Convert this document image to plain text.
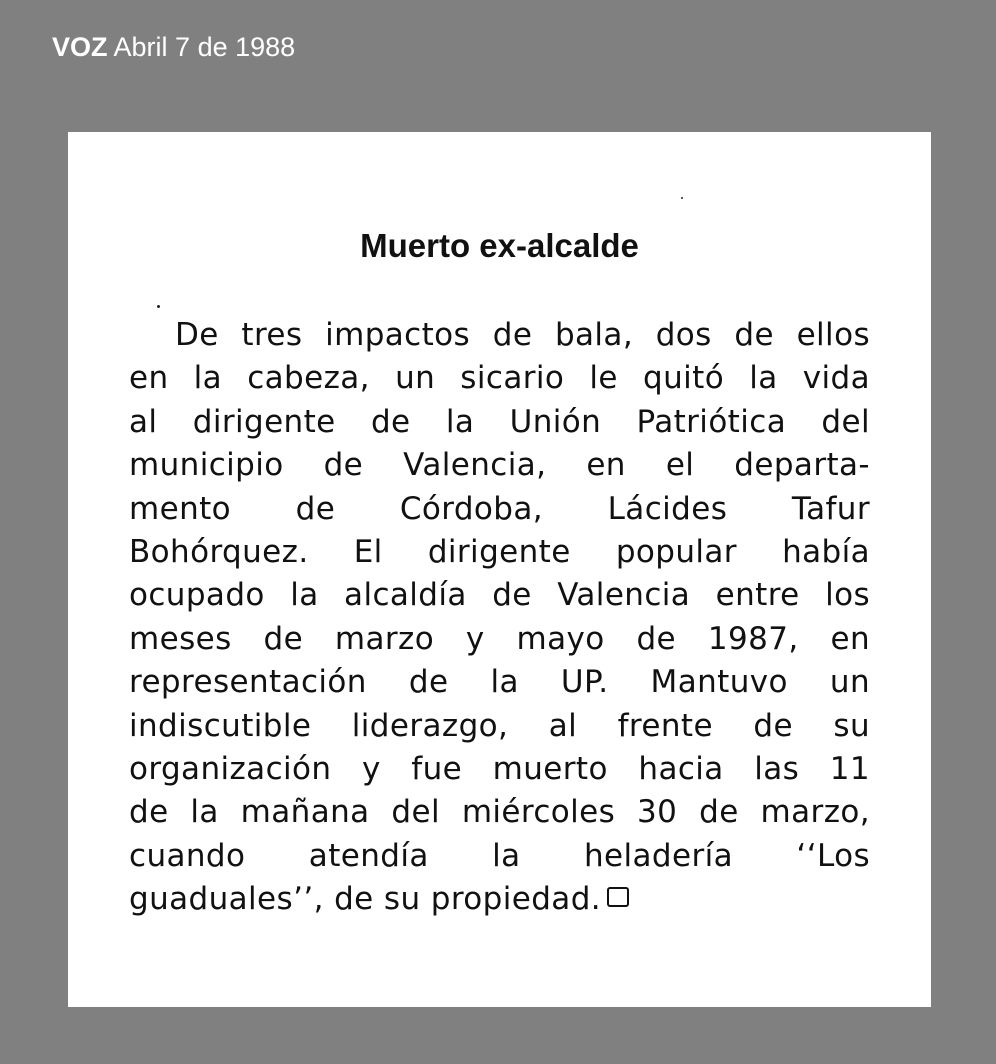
VOZ Abril 7 de 1988
Muerto ex-alcalde
De tres impactos de bala, dos de ellos
en la cabeza, un sicario le quitó la vida
al dirigente de la Unión Patriótica del
municipio de Valencia, en el departa-
mento de Córdoba, Lácides Tafur
Bohórquez. El dirigente popular había
ocupado la alcaldía de Valencia entre los
meses de marzo y mayo de 1987, en
representación de la UP. Mantuvo un
indiscutible liderazgo, al frente de su
organización y fue muerto hacia las 11
de la mañana del miércoles 30 de marzo,
cuando atendía la heladería ‘‘Los
guaduales’’, de su propiedad.
